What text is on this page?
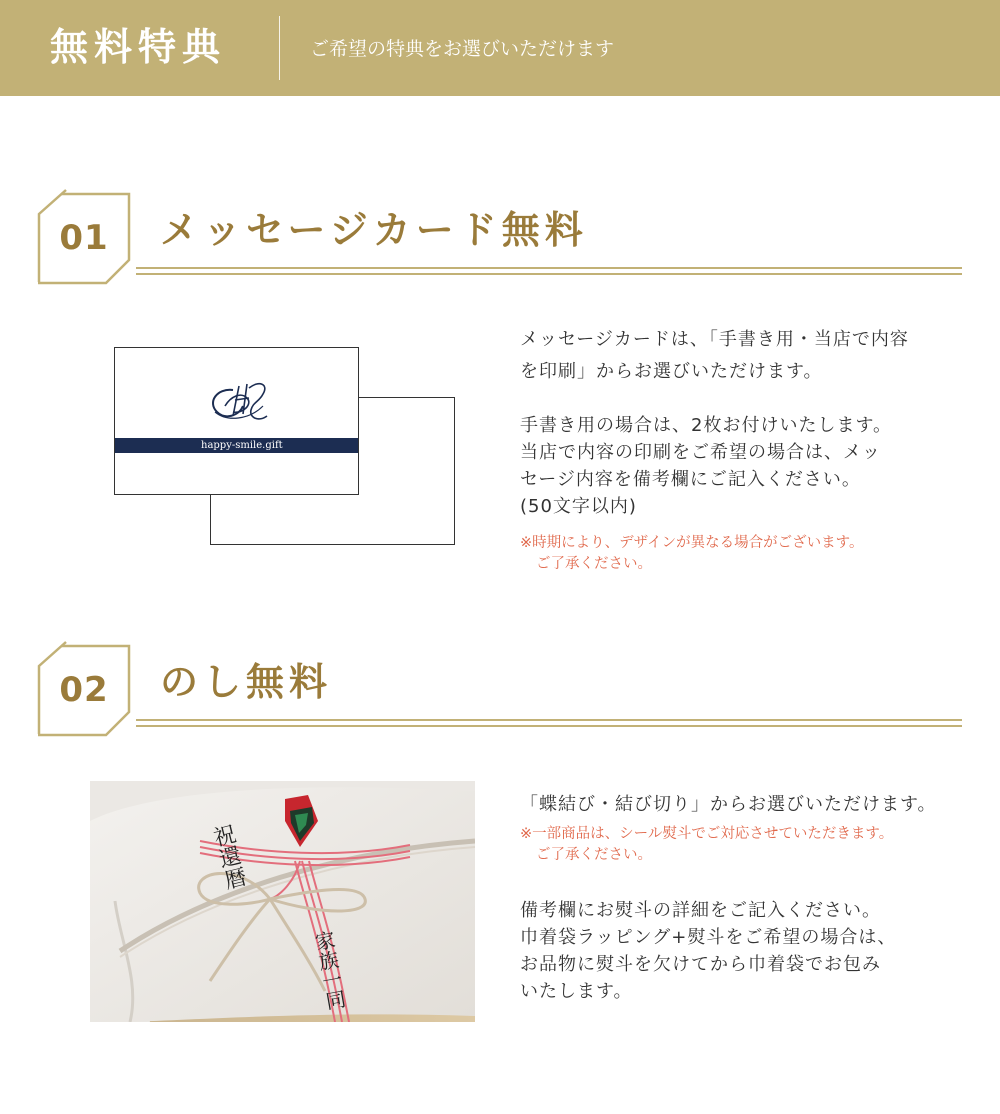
無料特典	ご希望の特典をお選びいただけます
01	メッセージカード無料
happy-smile.gift
メッセージカードは、「手書き用・当店で内容
を印刷」からお選びいただけます。
手書き用の場合は、2枚お付けいたします。
当店で内容の印刷をご希望の場合は、メッ
セージ内容を備考欄にご記入ください。
(50文字以内)
※時期により、デザインが異なる場合がございます。
ご了承ください。
02	のし無料
祝還暦
家族一同
「蝶結び・結び切り」からお選びいただけます。
※一部商品は、シール熨斗でご対応させていただきます。
ご了承ください。
備考欄にお熨斗の詳細をご記入ください。
巾着袋ラッピング+熨斗をご希望の場合は、
お品物に熨斗を欠けてから巾着袋でお包み
いたします。
